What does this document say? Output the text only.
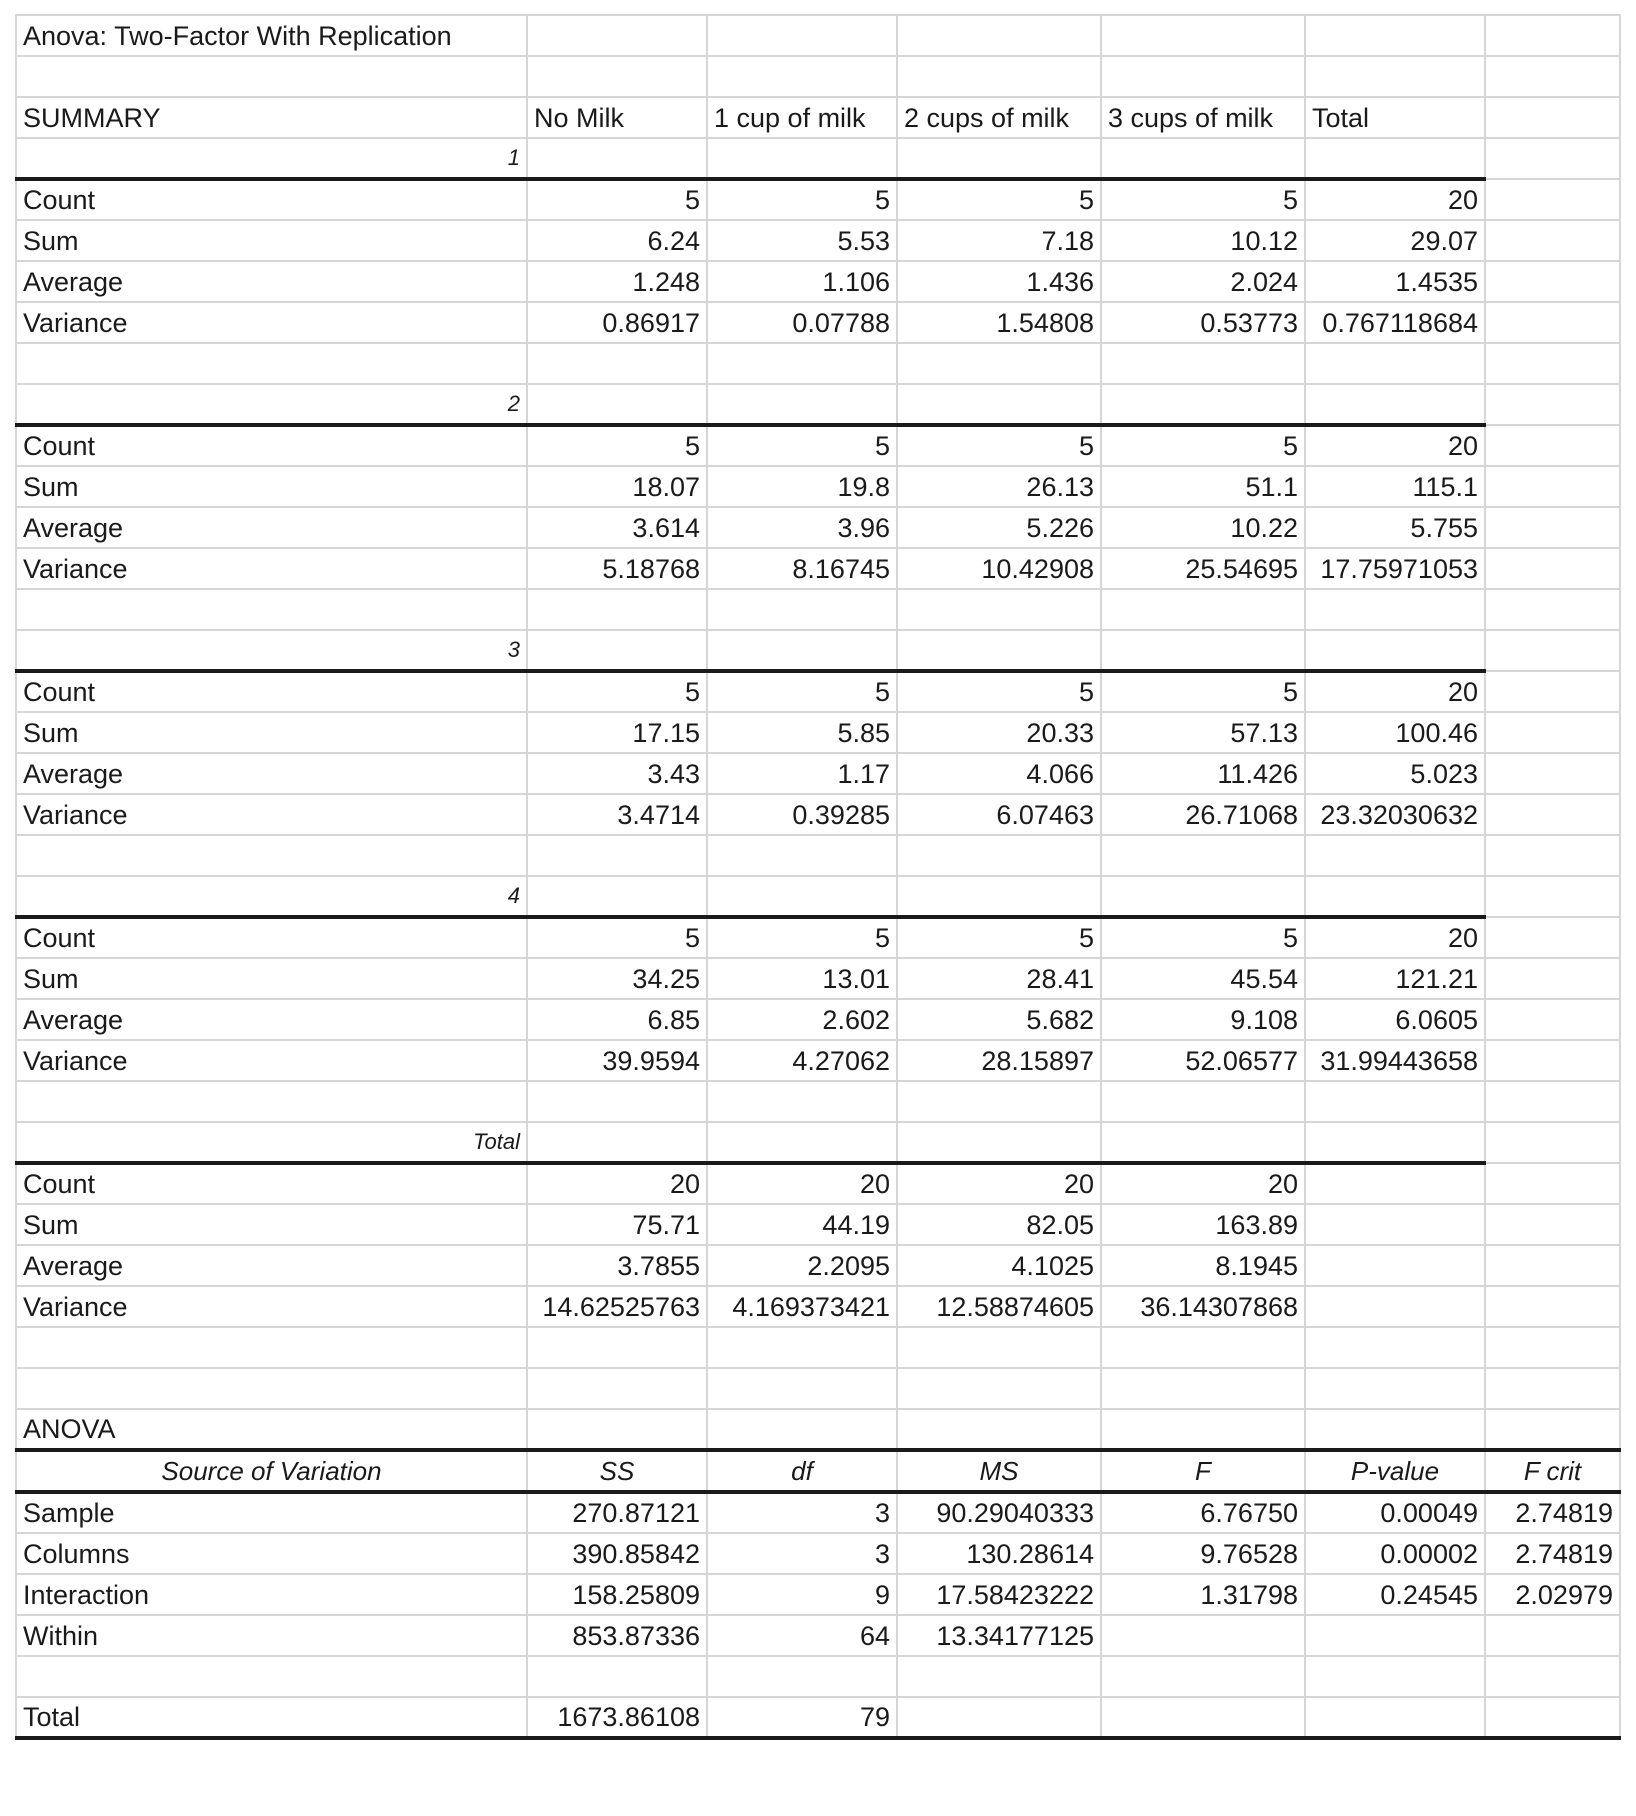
Anova: Two-Factor With Replication						

SUMMARY	No Milk	1 cup of milk	2 cups of milk	3 cups of milk	Total	
1						
Count	5	5	5	5	20	
Sum	6.24	5.53	7.18	10.12	29.07	
Average	1.248	1.106	1.436	2.024	1.4535	
Variance	0.86917	0.07788	1.54808	0.53773	0.767118684	

2						
Count	5	5	5	5	20	
Sum	18.07	19.8	26.13	51.1	115.1	
Average	3.614	3.96	5.226	10.22	5.755	
Variance	5.18768	8.16745	10.42908	25.54695	17.75971053	

3						
Count	5	5	5	5	20	
Sum	17.15	5.85	20.33	57.13	100.46	
Average	3.43	1.17	4.066	11.426	5.023	
Variance	3.4714	0.39285	6.07463	26.71068	23.32030632	

4						
Count	5	5	5	5	20	
Sum	34.25	13.01	28.41	45.54	121.21	
Average	6.85	2.602	5.682	9.108	6.0605	
Variance	39.9594	4.27062	28.15897	52.06577	31.99443658	

Total						
Count	20	20	20	20		
Sum	75.71	44.19	82.05	163.89		
Average	3.7855	2.2095	4.1025	8.1945		
Variance	14.62525763	4.169373421	12.58874605	36.14307868		

ANOVA						
Source of Variation	SS	df	MS	F	P-value	F crit
Sample	270.87121	3	90.29040333	6.76750	0.00049	2.74819
Columns	390.85842	3	130.28614	9.76528	0.00002	2.74819
Interaction	158.25809	9	17.58423222	1.31798	0.24545	2.02979
Within	853.87336	64	13.34177125			

Total	1673.86108	79				
